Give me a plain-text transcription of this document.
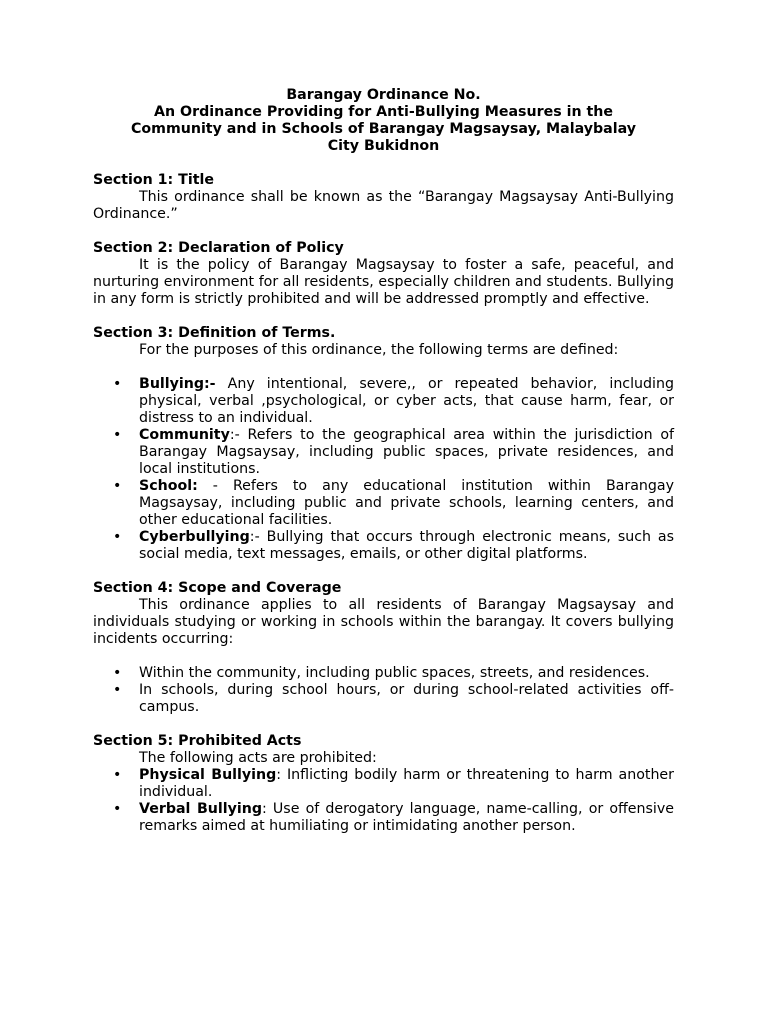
Barangay Ordinance No.
An Ordinance Providing for Anti-Bullying Measures in the
Community and in Schools of Barangay Magsaysay, Malaybalay
City Bukidnon
Section 1: Title
This ordinance shall be known as the “Barangay Magsaysay Anti-Bullying Ordinance.”
Section 2: Declaration of Policy
It is the policy of Barangay Magsaysay to foster a safe, peaceful, and nurturing environment for all residents, especially children and students. Bullying in any form is strictly prohibited and will be addressed promptly and effective.
Section 3: Definition of Terms.
For the purposes of this ordinance, the following terms are defined:
• Bullying:- Any intentional, severe,, or repeated behavior, including physical, verbal ,psychological, or cyber acts, that cause harm, fear, or distress to an individual.
• Community:- Refers to the geographical area within the jurisdiction of Barangay Magsaysay, including public spaces, private residences, and local institutions.
• School: - Refers to any educational institution within Barangay Magsaysay, including public and private schools, learning centers, and other educational facilities.
• Cyberbullying:- Bullying that occurs through electronic means, such as social media, text messages, emails, or other digital platforms.
Section 4: Scope and Coverage
This ordinance applies to all residents of Barangay Magsaysay and individuals studying or working in schools within the barangay. It covers bullying incidents occurring:
• Within the community, including public spaces, streets, and residences.
• In schools, during school hours, or during school-related activities off-campus.
Section 5: Prohibited Acts
The following acts are prohibited:
• Physical Bullying: Inflicting bodily harm or threatening to harm another individual.
• Verbal Bullying: Use of derogatory language, name-calling, or offensive remarks aimed at humiliating or intimidating another person.
